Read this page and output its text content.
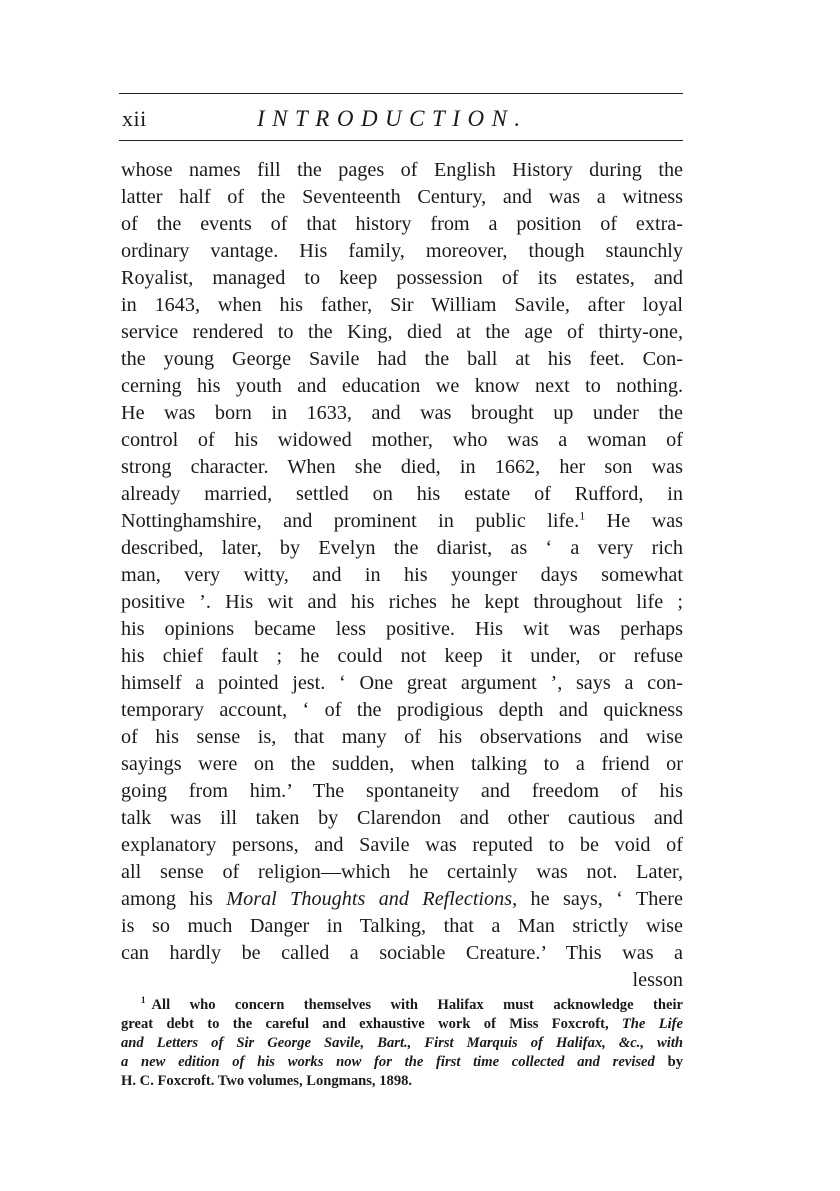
xii	INTRODUCTION.
whose names fill the pages of English History during the
latter half of the Seventeenth Century, and was a witness
of the events of that history from a position of extra-
ordinary vantage. His family, moreover, though staunchly
Royalist, managed to keep possession of its estates, and
in 1643, when his father, Sir William Savile, after loyal
service rendered to the King, died at the age of thirty-one,
the young George Savile had the ball at his feet. Con-
cerning his youth and education we know next to nothing.
He was born in 1633, and was brought up under the
control of his widowed mother, who was a woman of
strong character. When she died, in 1662, her son was
already married, settled on his estate of Rufford, in
Nottinghamshire, and prominent in public life.$^1$ He was
described, later, by Evelyn the diarist, as ‘ a very rich
man, very witty, and in his younger days somewhat
positive ’. His wit and his riches he kept throughout life ;
his opinions became less positive. His wit was perhaps
his chief fault ; he could not keep it under, or refuse
himself a pointed jest. ‘ One great argument ’, says a con-
temporary account, ‘ of the prodigious depth and quickness
of his sense is, that many of his observations and wise
sayings were on the sudden, when talking to a friend or
going from him.’ The spontaneity and freedom of his
talk was ill taken by Clarendon and other cautious and
explanatory persons, and Savile was reputed to be void of
all sense of religion—which he certainly was not. Later,
among his Moral Thoughts and Reflections, he says, ‘ There
is so much Danger in Talking, that a Man strictly wise
can hardly be called a sociable Creature.’ This was a
lesson
$^1$ All who concern themselves with Halifax must acknowledge their
great debt to the careful and exhaustive work of Miss Foxcroft, The Life
and Letters of Sir George Savile, Bart., First Marquis of Halifax, &c., with
a new edition of his works now for the first time collected and revised by
H. C. Foxcroft. Two volumes, Longmans, 1898.
